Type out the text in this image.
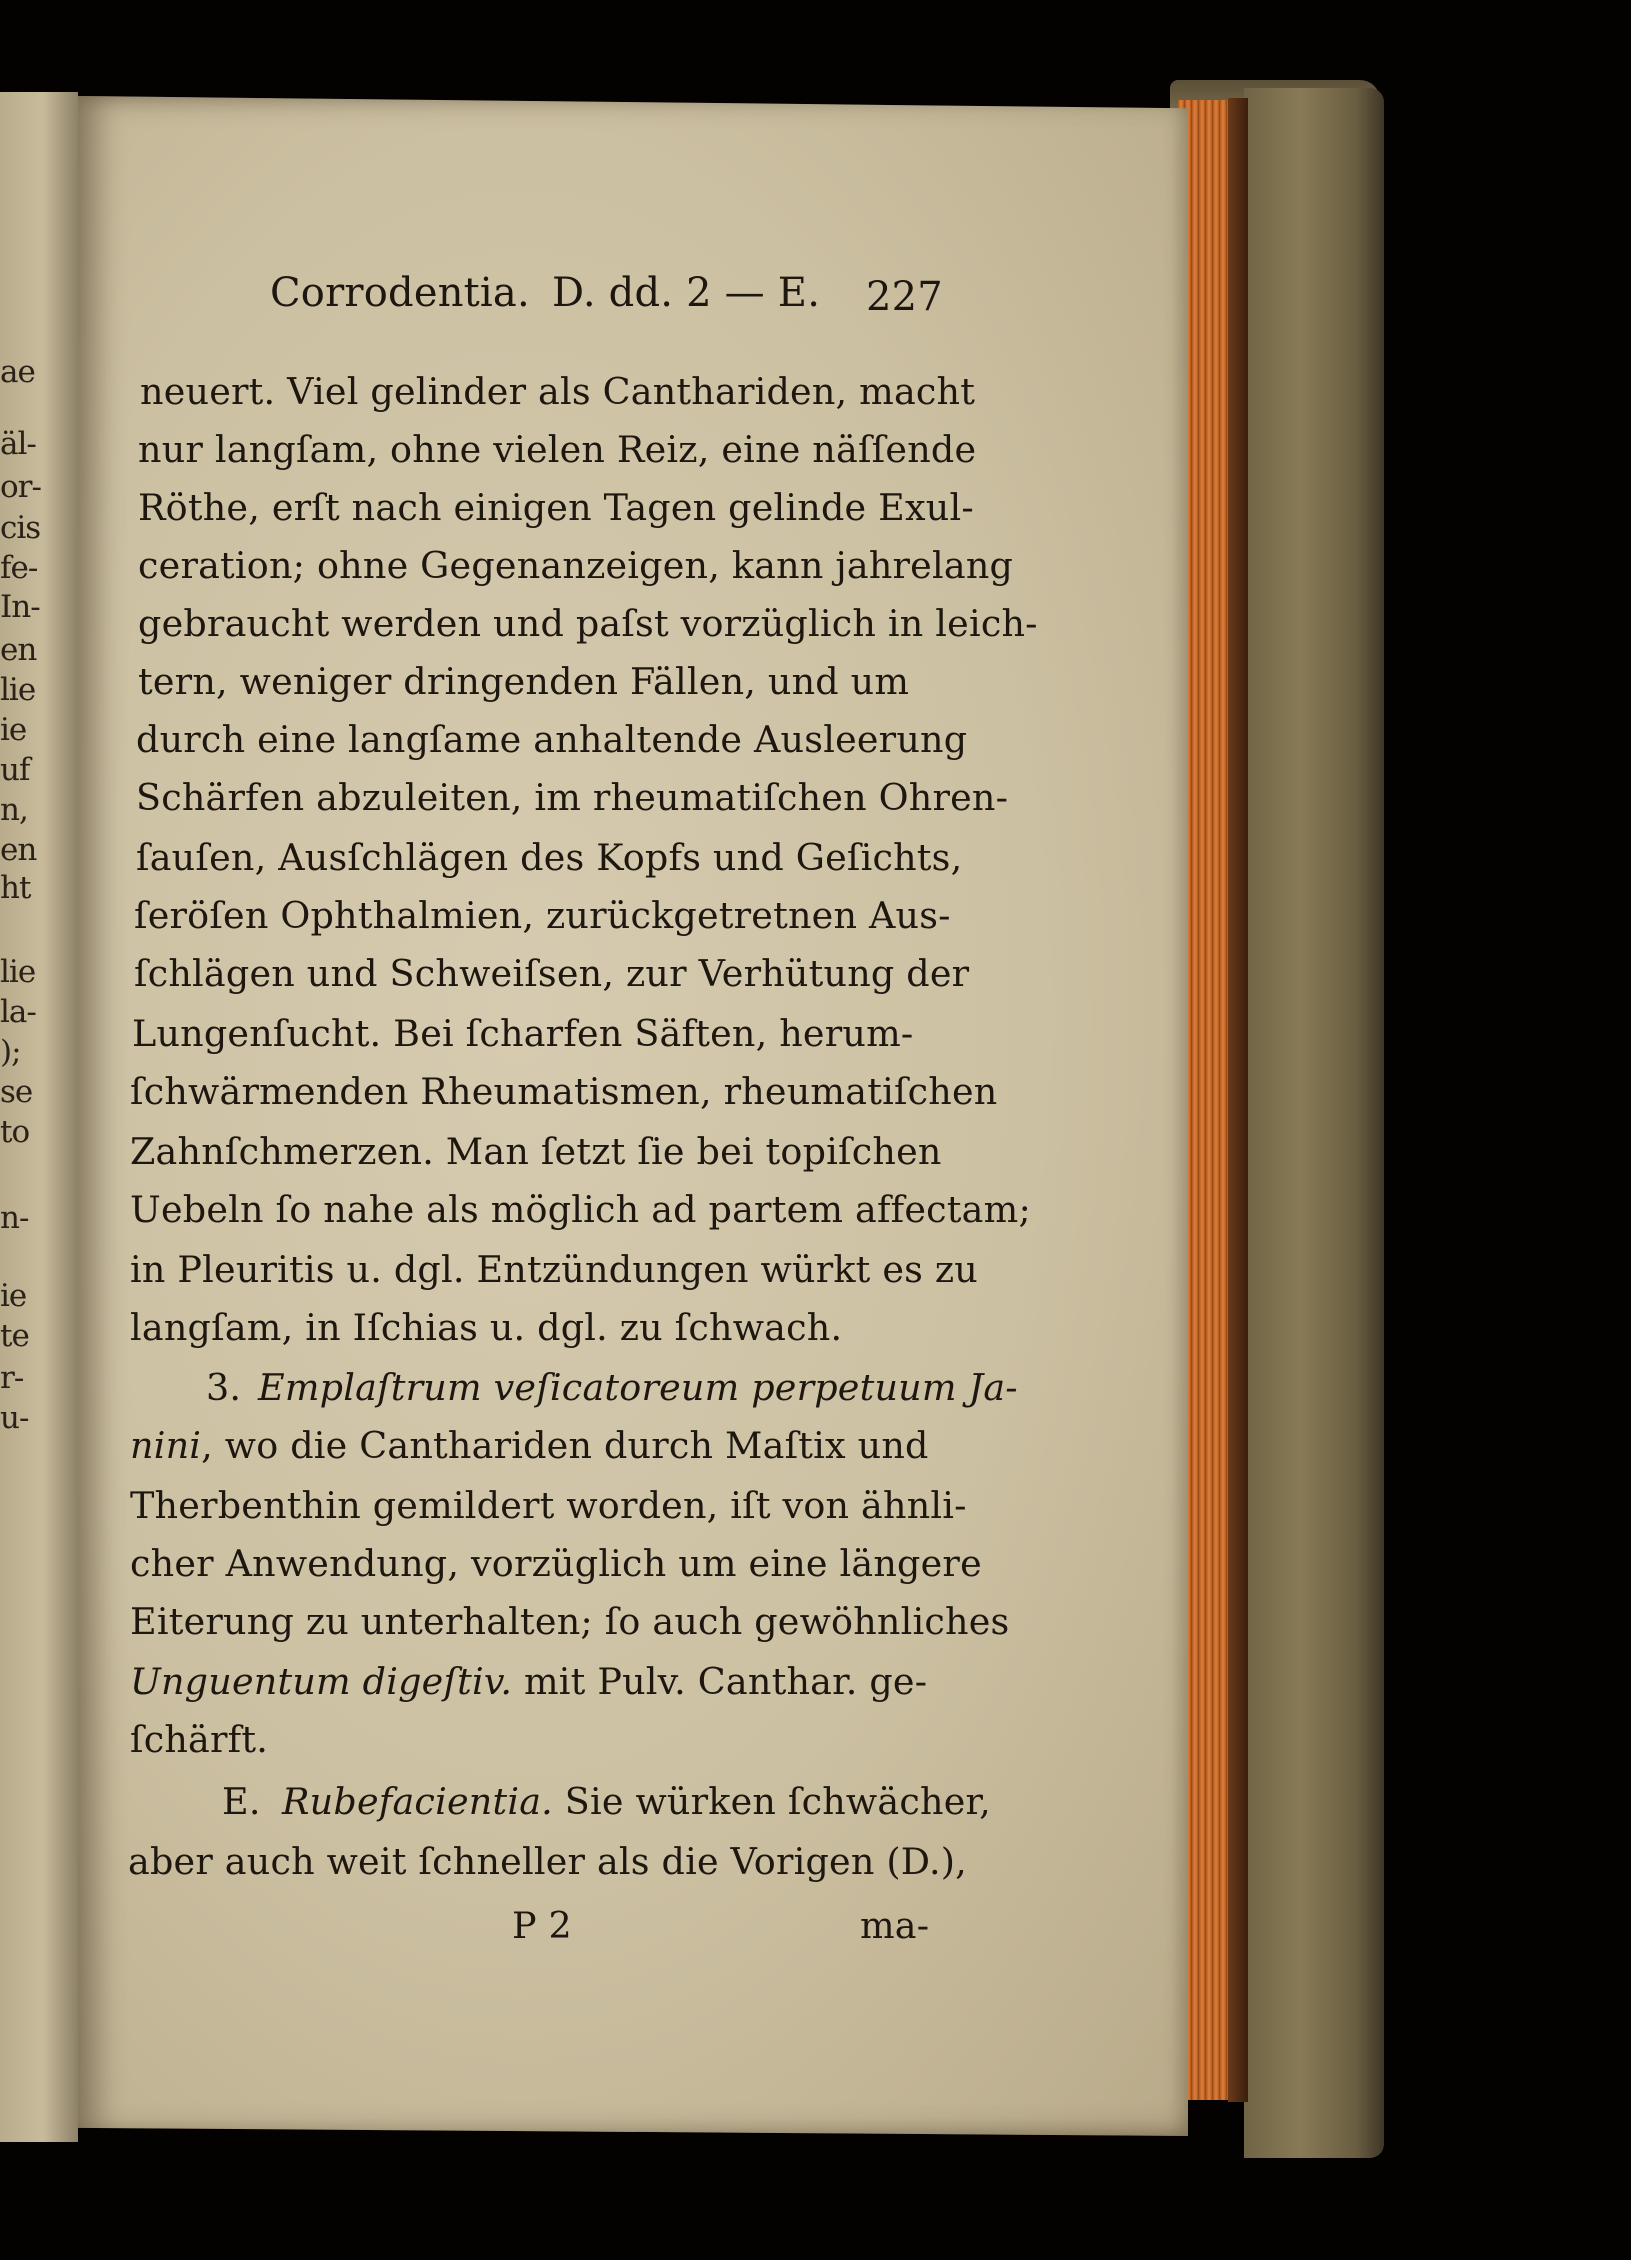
ae
äl-
or-
cis
fe-
In-
en
lie
ie
uf
n,
en
ht
lie
la-
);
se
to
n-
ie
te
r-
u-
Corrodentia. D. dd. 2 — E. 227
neuert. Viel gelinder als Canthariden, macht
nur langſam, ohne vielen Reiz, eine näſſende
Röthe, erſt nach einigen Tagen gelinde Exul-
ceration; ohne Gegenanzeigen, kann jahrelang
gebraucht werden und paſst vorzüglich in leich-
tern, weniger dringenden Fällen, und um
durch eine langſame anhaltende Ausleerung
Schärfen abzuleiten, im rheumatiſchen Ohren-
ſauſen, Ausſchlägen des Kopfs und Geſichts,
ſeröſen Ophthalmien, zurückgetretnen Aus-
ſchlägen und Schweiſsen, zur Verhütung der
Lungenſucht. Bei ſcharfen Säften, herum-
ſchwärmenden Rheumatismen, rheumatiſchen
Zahnſchmerzen. Man ſetzt ſie bei topiſchen
Uebeln ſo nahe als möglich ad partem affectam;
in Pleuritis u. dgl. Entzündungen würkt es zu
langſam, in Iſchias u. dgl. zu ſchwach.
3. Emplaſtrum veſicatoreum perpetuum Ja-
nini, wo die Canthariden durch Maſtix und
Therbenthin gemildert worden, iſt von ähnli-
cher Anwendung, vorzüglich um eine längere
Eiterung zu unterhalten; ſo auch gewöhnliches
Unguentum digeſtiv. mit Pulv. Canthar. ge-
ſchärft.
E. Rubefacientia. Sie würken ſchwächer,
aber auch weit ſchneller als die Vorigen (D.),
P 2	ma-
